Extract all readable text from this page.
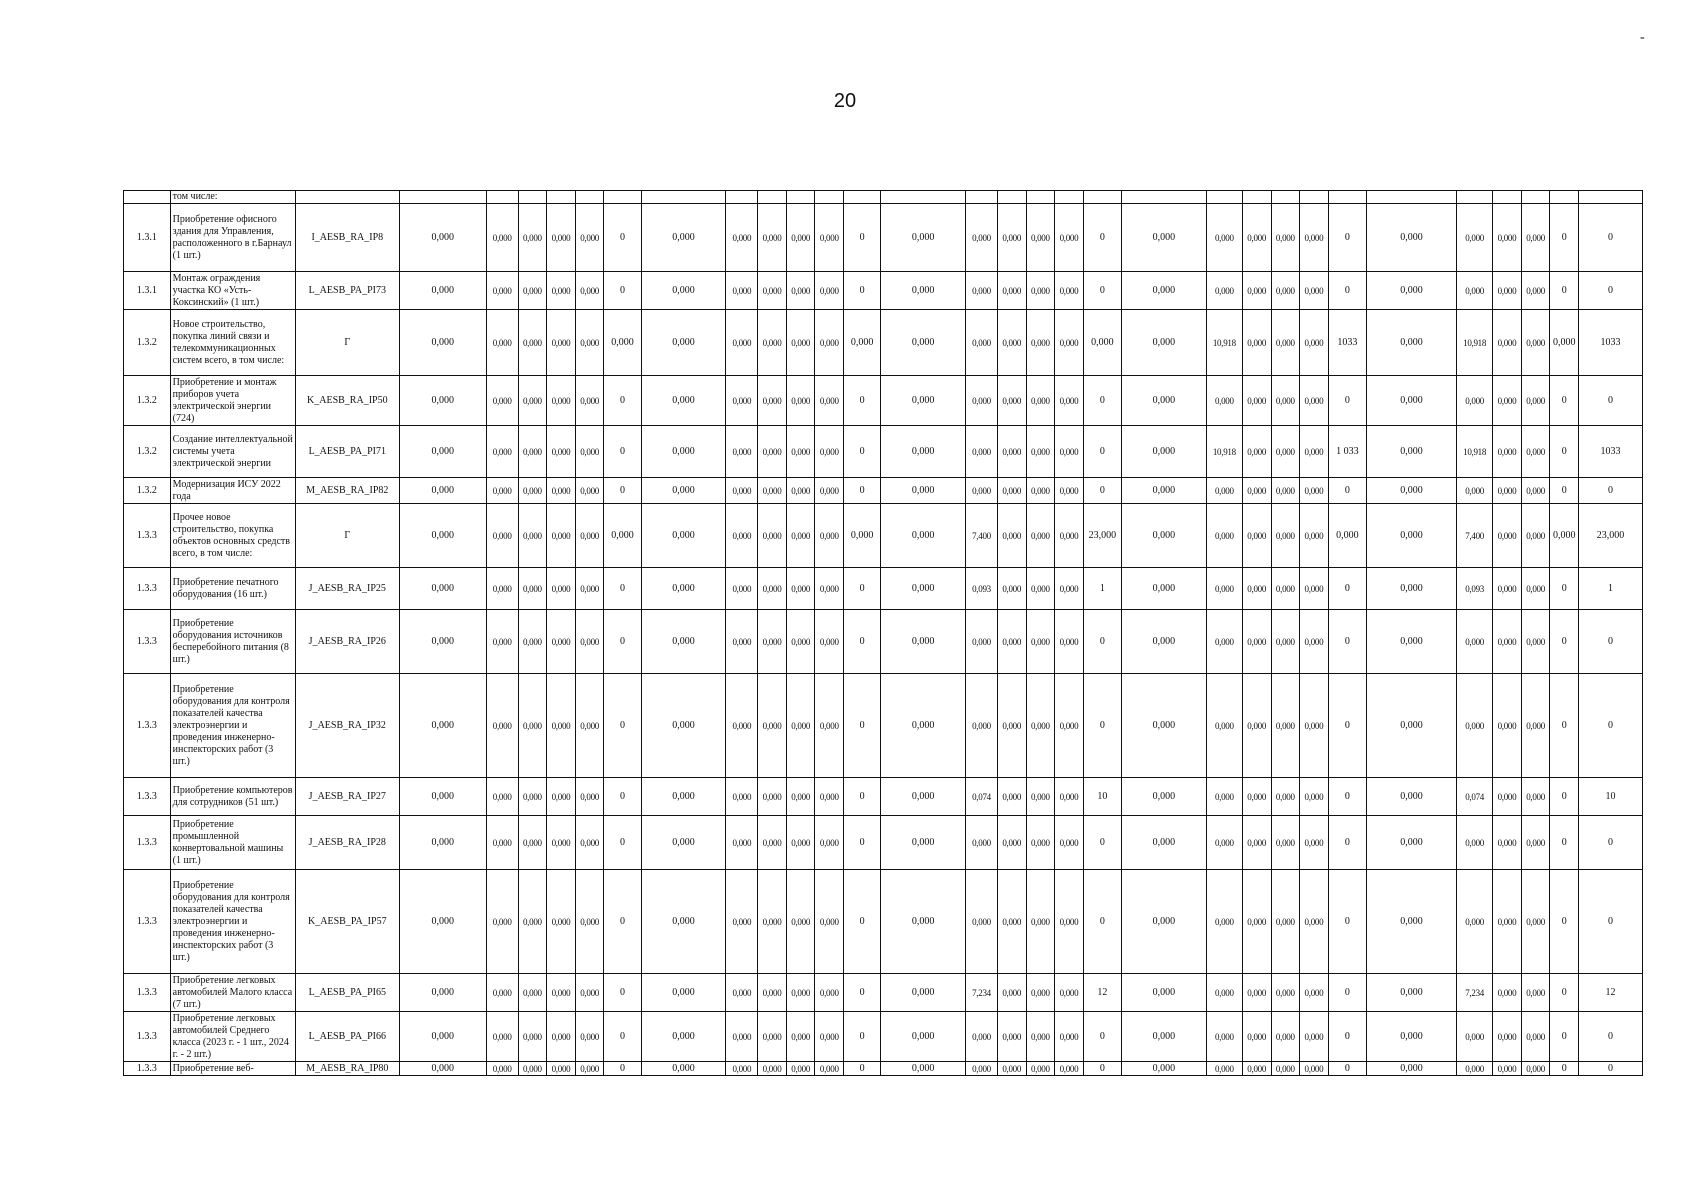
-
20
	том числе:																															
1.3.1	Приобретение офисного здания для Управления, расположенного в г.Барнаул (1 шт.)	I_AESB_RA_IP8	0,000	0,000	0,000	0,000	0,000	0	0,000	0,000	0,000	0,000	0,000	0	0,000	0,000	0,000	0,000	0,000	0	0,000	0,000	0,000	0,000	0,000	0	0,000	0,000	0,000	0,000	0	0
1.3.1	Монтаж ограждения участка КО «Усть-Коксинский» (1 шт.)	L_AESB_PA_PI73	0,000	0,000	0,000	0,000	0,000	0	0,000	0,000	0,000	0,000	0,000	0	0,000	0,000	0,000	0,000	0,000	0	0,000	0,000	0,000	0,000	0,000	0	0,000	0,000	0,000	0,000	0	0
1.3.2	Новое строительство, покупка линий связи и телекоммуникационных систем всего, в том числе:	Г	0,000	0,000	0,000	0,000	0,000	0,000	0,000	0,000	0,000	0,000	0,000	0,000	0,000	0,000	0,000	0,000	0,000	0,000	0,000	10,918	0,000	0,000	0,000	1033	0,000	10,918	0,000	0,000	0,000	1033
1.3.2	Приобретение и монтаж приборов учета электрической энергии (724)	K_AESB_RA_IP50	0,000	0,000	0,000	0,000	0,000	0	0,000	0,000	0,000	0,000	0,000	0	0,000	0,000	0,000	0,000	0,000	0	0,000	0,000	0,000	0,000	0,000	0	0,000	0,000	0,000	0,000	0	0
1.3.2	Создание интеллектуальной системы учета электрической энергии	L_AESB_PA_PI71	0,000	0,000	0,000	0,000	0,000	0	0,000	0,000	0,000	0,000	0,000	0	0,000	0,000	0,000	0,000	0,000	0	0,000	10,918	0,000	0,000	0,000	1 033	0,000	10,918	0,000	0,000	0	1033
1.3.2	Модернизация ИСУ 2022 года	M_AESB_RA_IP82	0,000	0,000	0,000	0,000	0,000	0	0,000	0,000	0,000	0,000	0,000	0	0,000	0,000	0,000	0,000	0,000	0	0,000	0,000	0,000	0,000	0,000	0	0,000	0,000	0,000	0,000	0	0
1.3.3	Прочее новое строительство, покупка объектов основных средств всего, в том числе:	Г	0,000	0,000	0,000	0,000	0,000	0,000	0,000	0,000	0,000	0,000	0,000	0,000	0,000	7,400	0,000	0,000	0,000	23,000	0,000	0,000	0,000	0,000	0,000	0,000	0,000	7,400	0,000	0,000	0,000	23,000
1.3.3	Приобретение печатного оборудования (16 шт.)	J_AESB_RA_IP25	0,000	0,000	0,000	0,000	0,000	0	0,000	0,000	0,000	0,000	0,000	0	0,000	0,093	0,000	0,000	0,000	1	0,000	0,000	0,000	0,000	0,000	0	0,000	0,093	0,000	0,000	0	1
1.3.3	Приобретение оборудования источников бесперебойного питания (8 шт.)	J_AESB_RA_IP26	0,000	0,000	0,000	0,000	0,000	0	0,000	0,000	0,000	0,000	0,000	0	0,000	0,000	0,000	0,000	0,000	0	0,000	0,000	0,000	0,000	0,000	0	0,000	0,000	0,000	0,000	0	0
1.3.3	Приобретение оборудования для контроля показателей качества электроэнергии и проведения инженерно-инспекторских работ (3 шт.)	J_AESB_RA_IP32	0,000	0,000	0,000	0,000	0,000	0	0,000	0,000	0,000	0,000	0,000	0	0,000	0,000	0,000	0,000	0,000	0	0,000	0,000	0,000	0,000	0,000	0	0,000	0,000	0,000	0,000	0	0
1.3.3	Приобретение компьютеров для сотрудников (51 шт.)	J_AESB_RA_IP27	0,000	0,000	0,000	0,000	0,000	0	0,000	0,000	0,000	0,000	0,000	0	0,000	0,074	0,000	0,000	0,000	10	0,000	0,000	0,000	0,000	0,000	0	0,000	0,074	0,000	0,000	0	10
1.3.3	Приобретение промышленной конвертовальной машины (1 шт.)	J_AESB_RA_IP28	0,000	0,000	0,000	0,000	0,000	0	0,000	0,000	0,000	0,000	0,000	0	0,000	0,000	0,000	0,000	0,000	0	0,000	0,000	0,000	0,000	0,000	0	0,000	0,000	0,000	0,000	0	0
1.3.3	Приобретение оборудования для контроля показателей качества электроэнергии и проведения инженерно-инспекторских работ (3 шт.)	K_AESB_PA_IP57	0,000	0,000	0,000	0,000	0,000	0	0,000	0,000	0,000	0,000	0,000	0	0,000	0,000	0,000	0,000	0,000	0	0,000	0,000	0,000	0,000	0,000	0	0,000	0,000	0,000	0,000	0	0
1.3.3	Приобретение легковых автомобилей Малого класса (7 шт.)	L_AESB_PA_PI65	0,000	0,000	0,000	0,000	0,000	0	0,000	0,000	0,000	0,000	0,000	0	0,000	7,234	0,000	0,000	0,000	12	0,000	0,000	0,000	0,000	0,000	0	0,000	7,234	0,000	0,000	0	12
1.3.3	Приобретение легковых автомобилей Среднего класса (2023 г. - 1 шт., 2024 г. - 2 шт.)	L_AESB_PA_PI66	0,000	0,000	0,000	0,000	0,000	0	0,000	0,000	0,000	0,000	0,000	0	0,000	0,000	0,000	0,000	0,000	0	0,000	0,000	0,000	0,000	0,000	0	0,000	0,000	0,000	0,000	0	0
1.3.3	Приобретение веб-	M_AESB_RA_IP80	0,000	0,000	0,000	0,000	0,000	0	0,000	0,000	0,000	0,000	0,000	0	0,000	0,000	0,000	0,000	0,000	0	0,000	0,000	0,000	0,000	0,000	0	0,000	0,000	0,000	0,000	0	0
